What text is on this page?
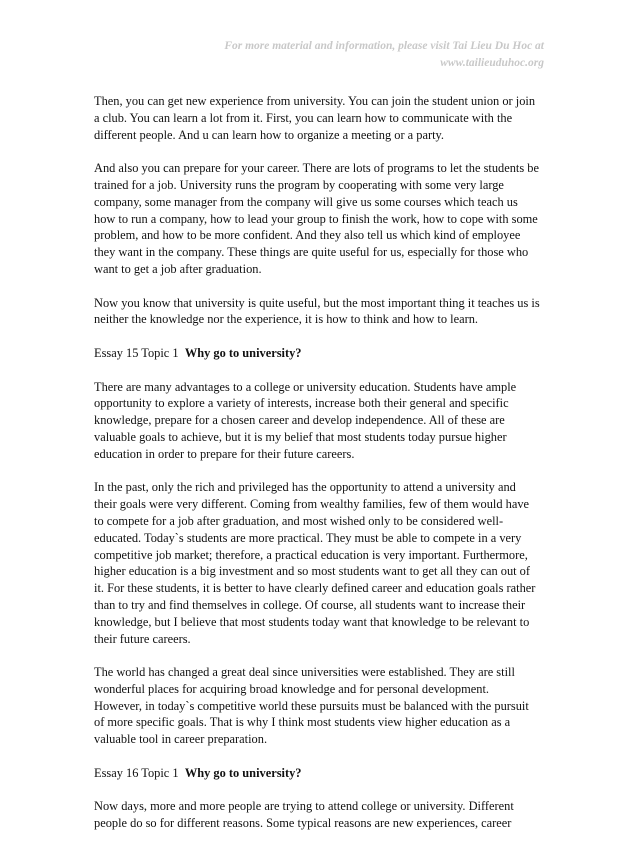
For more material and information, please visit Tai Lieu Du Hoc at
www.tailieuduhoc.org

Then, you can get new experience from university. You can join the student union or join
a club. You can learn a lot from it. First, you can learn how to communicate with the
different people. And u can learn how to organize a meeting or a party.

And also you can prepare for your career. There are lots of programs to let the students be
trained for a job. University runs the program by cooperating with some very large
company, some manager from the company will give us some courses which teach us
how to run a company, how to lead your group to finish the work, how to cope with some
problem, and how to be more confident. And they also tell us which kind of employee
they want in the company. These things are quite useful for us, especially for those who
want to get a job after graduation.

Now you know that university is quite useful, but the most important thing it teaches us is
neither the knowledge nor the experience, it is how to think and how to learn.

Essay 15 Topic 1 Why go to university?

There are many advantages to a college or university education. Students have ample
opportunity to explore a variety of interests, increase both their general and specific
knowledge, prepare for a chosen career and develop independence. All of these are
valuable goals to achieve, but it is my belief that most students today pursue higher
education in order to prepare for their future careers.

In the past, only the rich and privileged has the opportunity to attend a university and
their goals were very different. Coming from wealthy families, few of them would have
to compete for a job after graduation, and most wished only to be considered well-
educated. Today`s students are more practical. They must be able to compete in a very
competitive job market; therefore, a practical education is very important. Furthermore,
higher education is a big investment and so most students want to get all they can out of
it. For these students, it is better to have clearly defined career and education goals rather
than to try and find themselves in college. Of course, all students want to increase their
knowledge, but I believe that most students today want that knowledge to be relevant to
their future careers.

The world has changed a great deal since universities were established. They are still
wonderful places for acquiring broad knowledge and for personal development.
However, in today`s competitive world these pursuits must be balanced with the pursuit
of more specific goals. That is why I think most students view higher education as a
valuable tool in career preparation.

Essay 16 Topic 1 Why go to university?

Now days, more and more people are trying to attend college or university. Different
people do so for different reasons. Some typical reasons are new experiences, career
